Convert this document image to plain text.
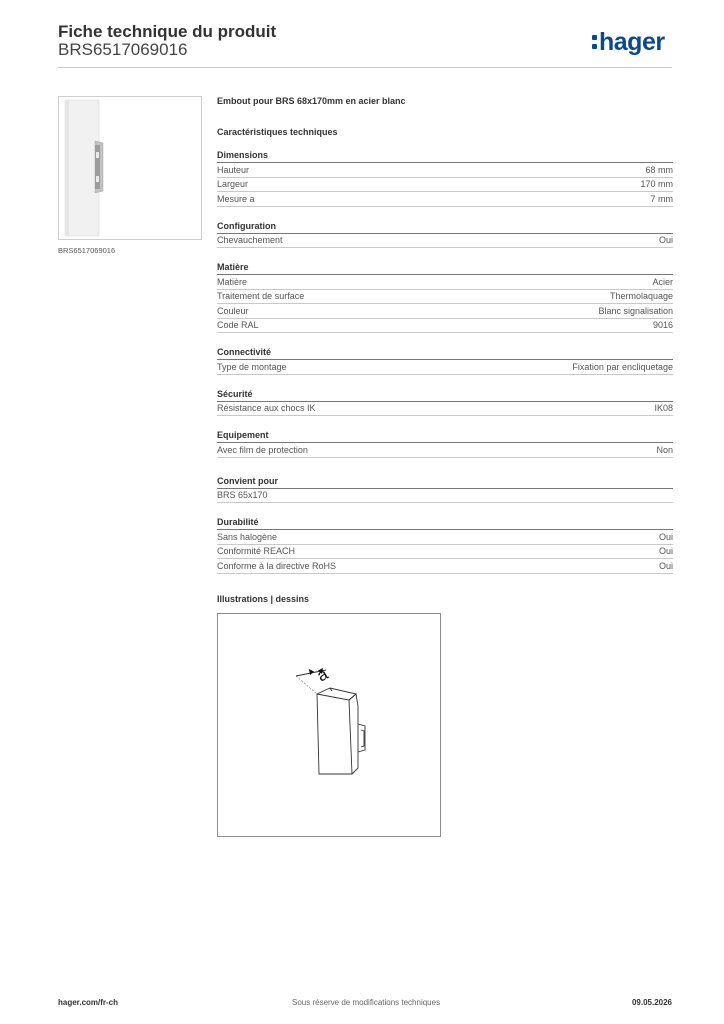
Fiche technique du produit
BRS6517069016	hager
BRS6517069016
Embout pour BRS 68x170mm en acier blanc
Caractéristiques techniques
Dimensions
Hauteur	68 mm
Largeur	170 mm
Mesure a	7 mm
Configuration
Chevauchement	Oui
Matière
Matière	Acier
Traitement de surface	Thermolaquage
Couleur	Blanc signalisation
Code RAL	9016
Connectivité
Type de montage	Fixation par encliquetage
Sécurité
Résistance aux chocs IK	IK08
Equipement
Avec film de protection	Non
Convient pour
BRS 65x170
Durabilité
Sans halogène	Oui
Conformité REACH	Oui
Conforme à la directive RoHS	Oui
Illustrations | dessins
a
hager.com/fr-ch	Sous réserve de modifications techniques	09.05.2026
